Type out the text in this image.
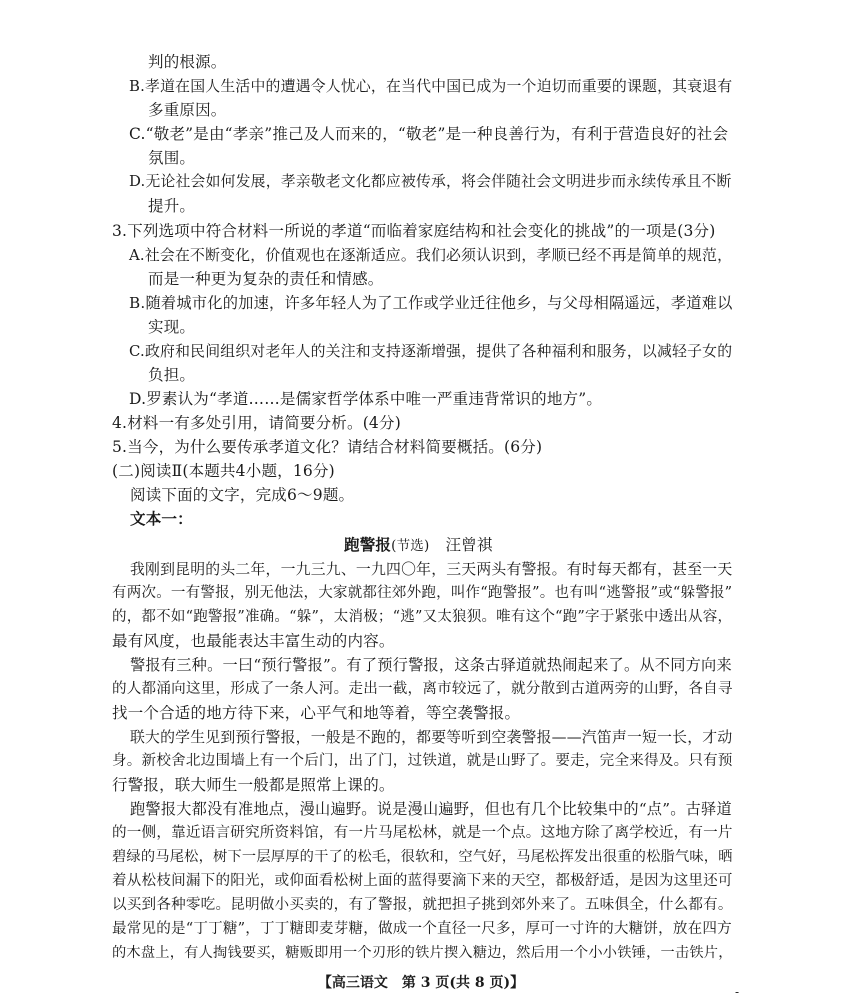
判的根源。
B.孝道在国人生活中的遭遇令人忧心，在当代中国已成为一个迫切而重要的课题，其衰退有
多重原因。
C.“敬老”是由“孝亲”推己及人而来的，“敬老”是一种良善行为，有利于营造良好的社会
氛围。
D.无论社会如何发展，孝亲敬老文化都应被传承，将会伴随社会文明进步而永续传承且不断
提升。
3.下列选项中符合材料一所说的孝道“而临着家庭结构和社会变化的挑战”的一项是(3分)
A.社会在不断变化，价值观也在逐渐适应。我们必须认识到，孝顺已经不再是简单的规范，
而是一种更为复杂的责任和情感。
B.随着城市化的加速，许多年轻人为了工作或学业迁往他乡，与父母相隔遥远，孝道难以
实现。
C.政府和民间组织对老年人的关注和支持逐渐增强，提供了各种福利和服务，以减轻子女的
负担。
D.罗素认为“孝道……是儒家哲学体系中唯一严重违背常识的地方”。
4.材料一有多处引用，请简要分析。(4分)
5.当今，为什么要传承孝道文化？请结合材料简要概括。(6分)
(二)阅读Ⅱ(本题共4小题，16分)
阅读下面的文字，完成6～9题。
文本一：
跑警报(节选) 汪曾祺
我刚到昆明的头二年，一九三九、一九四〇年，三天两头有警报。有时每天都有，甚至一天
有两次。一有警报，别无他法，大家就都往郊外跑，叫作“跑警报”。也有叫“逃警报”或“躲警报”
的，都不如“跑警报”准确。“躲”，太消极；“逃”又太狼狈。唯有这个“跑”字于紧张中透出从容，
最有风度，也最能表达丰富生动的内容。
警报有三种。一曰“预行警报”。有了预行警报，这条古驿道就热闹起来了。从不同方向来
的人都涌向这里，形成了一条人河。走出一截，离市较远了，就分散到古道两旁的山野，各自寻
找一个合适的地方待下来，心平气和地等着，等空袭警报。
联大的学生见到预行警报，一般是不跑的，都要等听到空袭警报——汽笛声一短一长，才动
身。新校舍北边围墙上有一个后门，出了门，过铁道，就是山野了。要走，完全来得及。只有预
行警报，联大师生一般都是照常上课的。
跑警报大都没有准地点，漫山遍野。说是漫山遍野，但也有几个比较集中的“点”。古驿道
的一侧，靠近语言研究所资料馆，有一片马尾松林，就是一个点。这地方除了离学校近，有一片
碧绿的马尾松，树下一层厚厚的干了的松毛，很软和，空气好，马尾松挥发出很重的松脂气味，晒
着从松枝间漏下的阳光，或仰面看松树上面的蓝得要滴下来的天空，都极舒适，是因为这里还可
以买到各种零吃。昆明做小买卖的，有了警报，就把担子挑到郊外来了。五味俱全，什么都有。
最常见的是“丁丁糖”，丁丁糖即麦芽糖，做成一个直径一尺多，厚可一寸许的大糖饼，放在四方
的木盘上，有人掏钱要买，糖贩即用一个刃形的铁片揳入糖边，然后用一个小小铁锤，一击铁片，
【高三语文　第 3 页(共 8 页)】
-
